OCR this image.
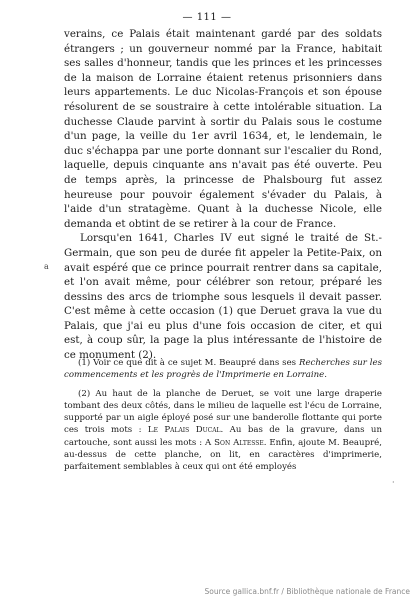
— 111 —
a
·

verains, ce Palais était maintenant gardé par des soldats étrangers ; un gouverneur nommé par la France, habitait ses salles d'honneur, tandis que les princes et les princesses de la maison de Lorraine étaient retenus prisonniers dans leurs appartements. Le duc Nicolas-François et son épouse résolurent de se soustraire à cette intolérable situation. La duchesse Claude parvint à sortir du Palais sous le costume d'un page, la veille du 1er avril 1634, et, le lendemain, le duc s'échappa par une porte donnant sur l'escalier du Rond, laquelle, depuis cinquante ans n'avait pas été ouverte. Peu de temps après, la princesse de Phalsbourg fut assez heureuse pour pouvoir également s'évader du Palais, à l'aide d'un stratagème. Quant à la duchesse Nicole, elle demanda et obtint de se retirer à la cour de France.

Lorsqu'en 1641, Charles IV eut signé le traité de St.-Germain, que son peu de durée fit appeler la Petite-Paix, on avait espéré que ce prince pourrait rentrer dans sa capitale, et l'on avait même, pour célébrer son retour, préparé les dessins des arcs de triomphe sous lesquels il devait passer. C'est même à cette occasion (1) que Deruet grava la vue du Palais, que j'ai eu plus d'une fois occasion de citer, et qui est, à coup sûr, la page la plus intéressante de l'histoire de ce monument (2).

(1) Voir ce que dit à ce sujet M. Beaupré dans ses Recherches sur les commencements et les progrès de l'Imprimerie en Lorraine.

(2) Au haut de la planche de Deruet, se voit une large draperie tombant des deux côtés, dans le milieu de laquelle est l'écu de Lorraine, supporté par un aigle éployé posé sur une banderolle flottante qui porte ces trois mots : Le Palais Ducal. Au bas de la gravure, dans un cartouche, sont aussi les mots : A Son Altesse. Enfin, ajoute M. Beaupré, au-dessus de cette planche, on lit, en caractères d'imprimerie, parfaitement semblables à ceux qui ont été employés

Source gallica.bnf.fr / Bibliothèque nationale de France
